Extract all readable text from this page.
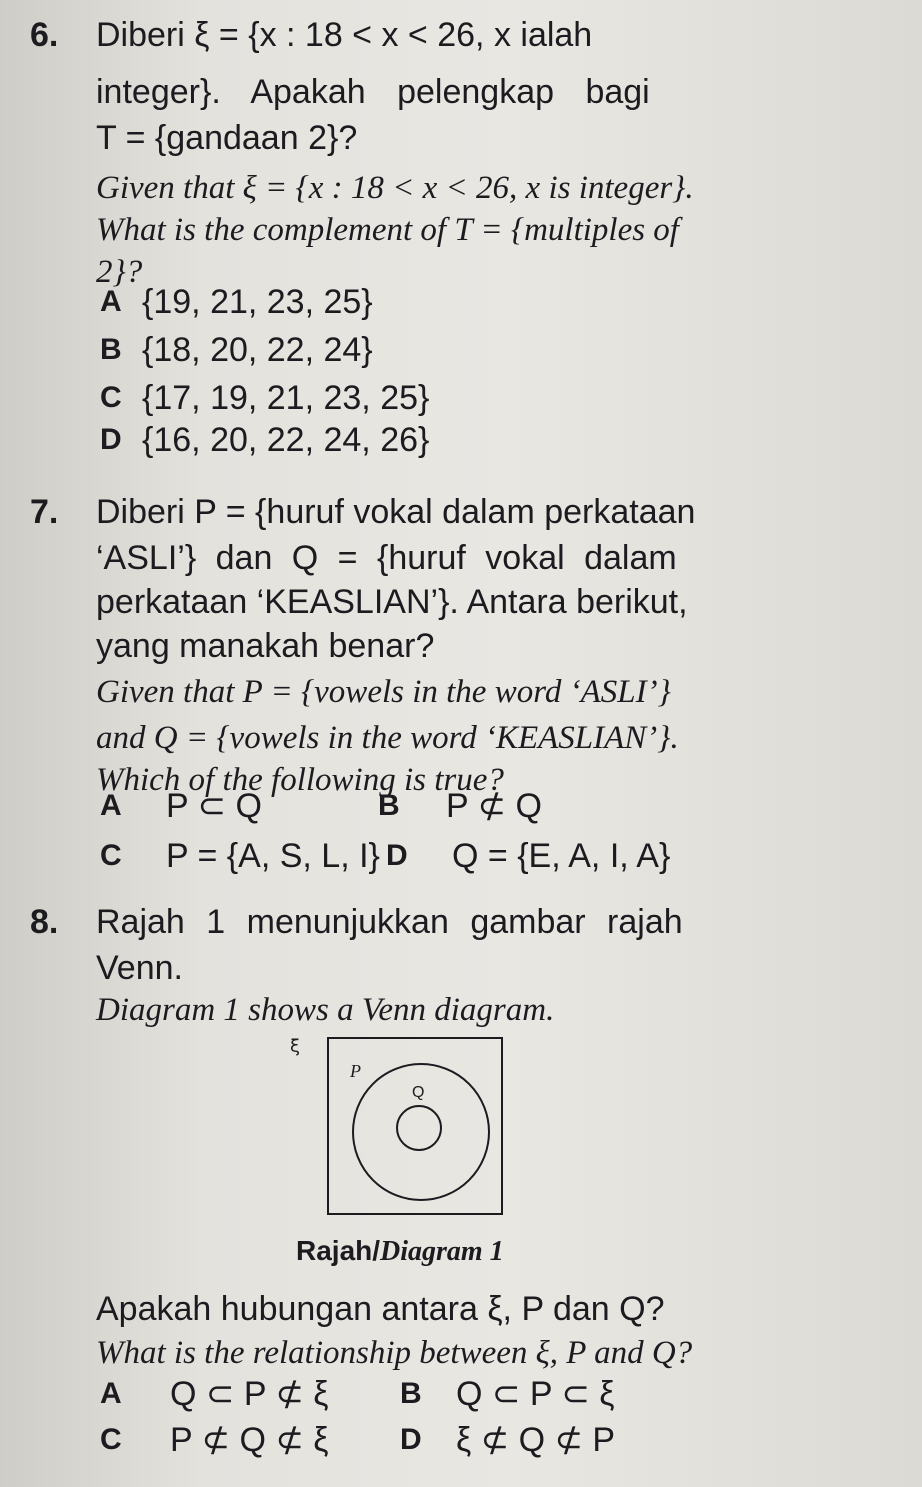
6. Diberi ξ = {x : 18 < x < 26, x ialah
integer}. Apakah pelengkap bagi
T = {gandaan 2}?
Given that ξ = {x : 18 < x < 26, x is integer}.
What is the complement of T = {multiples of
2}?
A {19, 21, 23, 25}
B {18, 20, 22, 24}
C {17, 19, 21, 23, 25}
D {16, 20, 22, 24, 26}
7. Diberi P = {huruf vokal dalam perkataan
‘ASLI’} dan Q = {huruf vokal dalam
perkataan ‘KEASLIAN’}. Antara berikut,
yang manakah benar?
Given that P = {vowels in the word ‘ASLI’}
and Q = {vowels in the word ‘KEASLIAN’}.
Which of the following is true?
A P ⊂ Q	B P ⊄ Q
C P = {A, S, L, I} D Q = {E, A, I, A}
8. Rajah 1 menunjukkan gambar rajah
Venn.
Diagram 1 shows a Venn diagram.
ξ
P
Q
Rajah/Diagram 1
Apakah hubungan antara ξ, P dan Q?
What is the relationship between ξ, P and Q?
A Q ⊂ P ⊄ ξ B Q ⊂ P ⊂ ξ
C P ⊄ Q ⊄ ξ D ξ ⊄ Q ⊄ P
